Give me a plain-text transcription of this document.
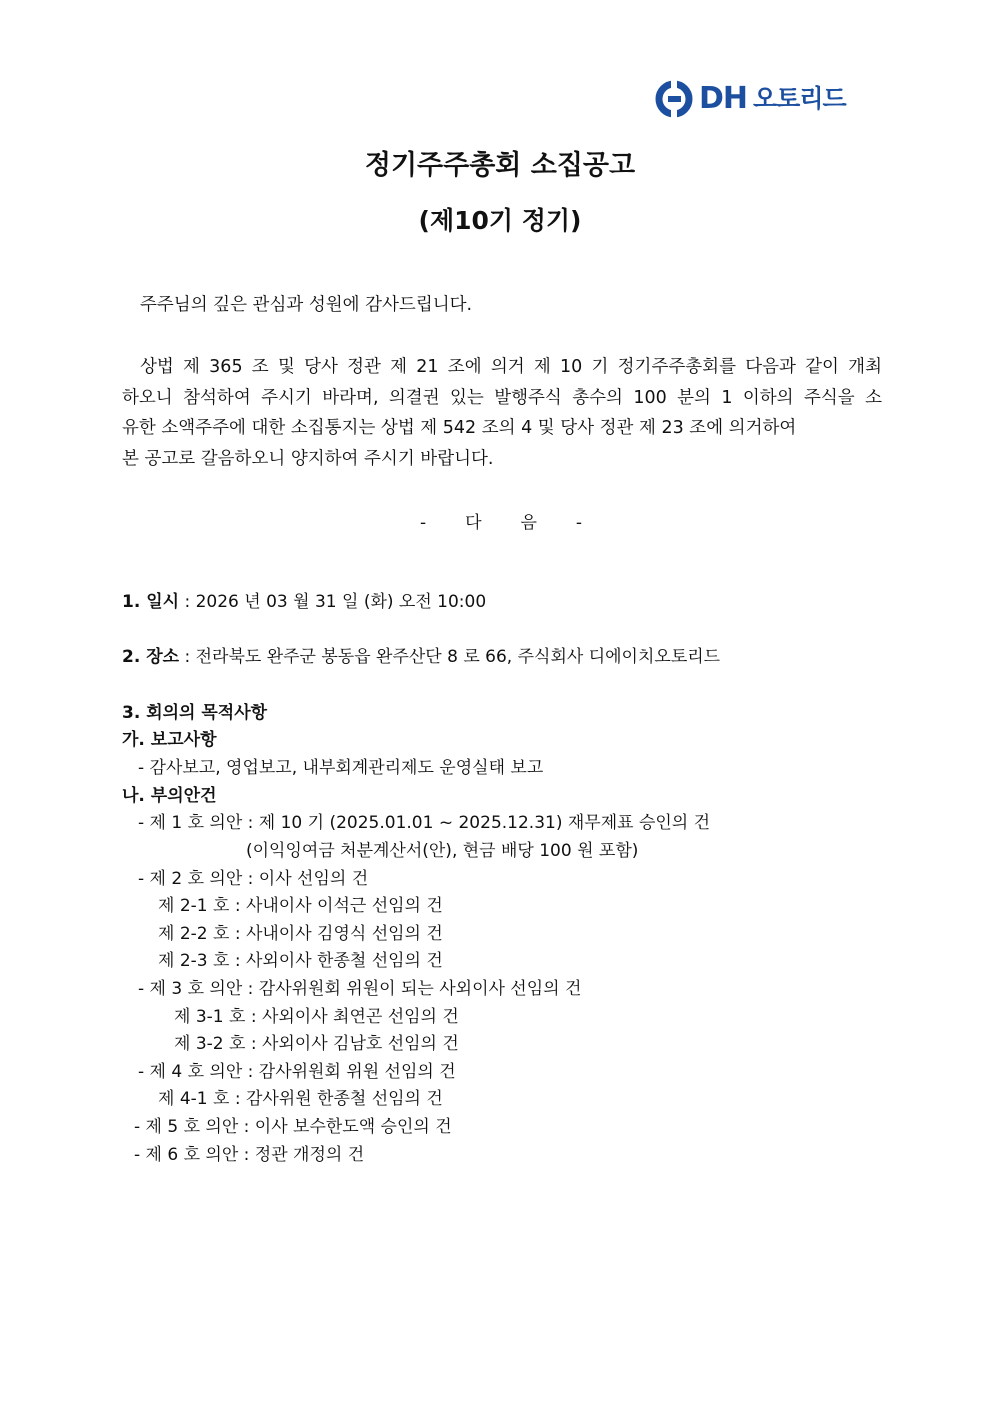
DH 오토리드
정기주주총회 소집공고
(제10기 정기)
주주님의 깊은 관심과 성원에 감사드립니다.
상법 제 365 조 및 당사 정관 제 21 조에 의거 제 10 기 정기주주총회를 다음과 같이 개최
하오니 참석하여 주시기 바라며, 의결권 있는 발행주식 총수의 100 분의 1 이하의 주식을 소
유한 소액주주에 대한 소집통지는 상법 제 542 조의 4 및 당사 정관 제 23 조에 의거하여
본 공고로 갈음하오니 양지하여 주시기 바랍니다.
- 다 음 -
1. 일시 : 2026 년 03 월 31 일 (화) 오전 10:00
2. 장소 : 전라북도 완주군 봉동읍 완주산단 8 로 66, 주식회사 디에이치오토리드
3. 회의의 목적사항
가. 보고사항
- 감사보고, 영업보고, 내부회계관리제도 운영실태 보고
나. 부의안건
- 제 1 호 의안 : 제 10 기 (2025.01.01 ~ 2025.12.31) 재무제표 승인의 건
(이익잉여금 처분계산서(안), 현금 배당 100 원 포함)
- 제 2 호 의안 : 이사 선임의 건
제 2-1 호 : 사내이사 이석근 선임의 건
제 2-2 호 : 사내이사 김영식 선임의 건
제 2-3 호 : 사외이사 한종철 선임의 건
- 제 3 호 의안 : 감사위원회 위원이 되는 사외이사 선임의 건
제 3-1 호 : 사외이사 최연곤 선임의 건
제 3-2 호 : 사외이사 김남호 선임의 건
- 제 4 호 의안 : 감사위원회 위원 선임의 건
제 4-1 호 : 감사위원 한종철 선임의 건
- 제 5 호 의안 : 이사 보수한도액 승인의 건
- 제 6 호 의안 : 정관 개정의 건
